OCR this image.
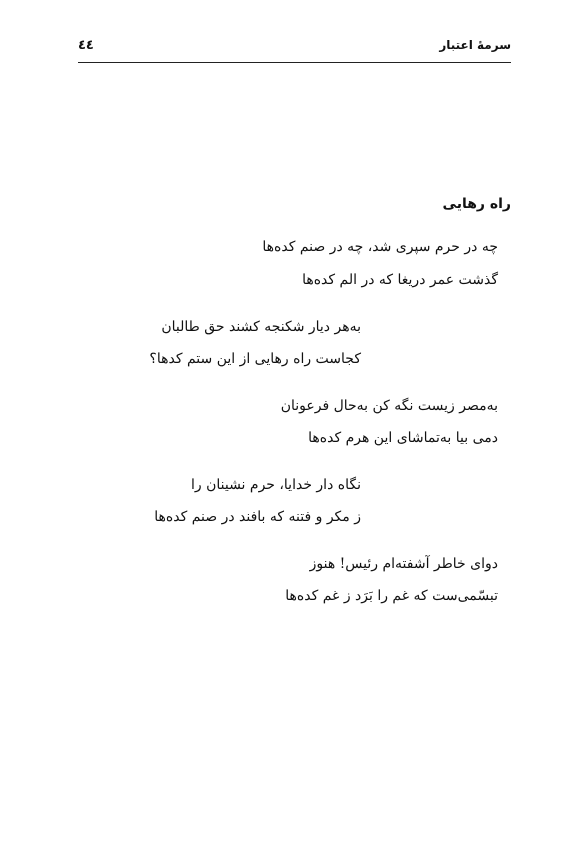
سرمهٔ اعتبار
٤٤
راه رهایی
چه در حرم سپری شد، چه در صنم کده‌ها
گذشت عمر دریغا که در الم کده‌ها
به‌هر دیار شکنجه کشند حق طالبان
کجاست راه رهایی از این ستم کدها؟
به‌مصر زیست نگه کن به‌حال فرعونان
دمی بیا به‌تماشای این هرم کده‌ها
نگاه دار خدایا، حرم نشینان را
ز مکر و فتنه که بافند در صنم کده‌ها
دوای خاطر آشفته‌ام رئیس! هنوز
تبسّمی‌ست که غم را بَرَد ز غم کده‌ها
